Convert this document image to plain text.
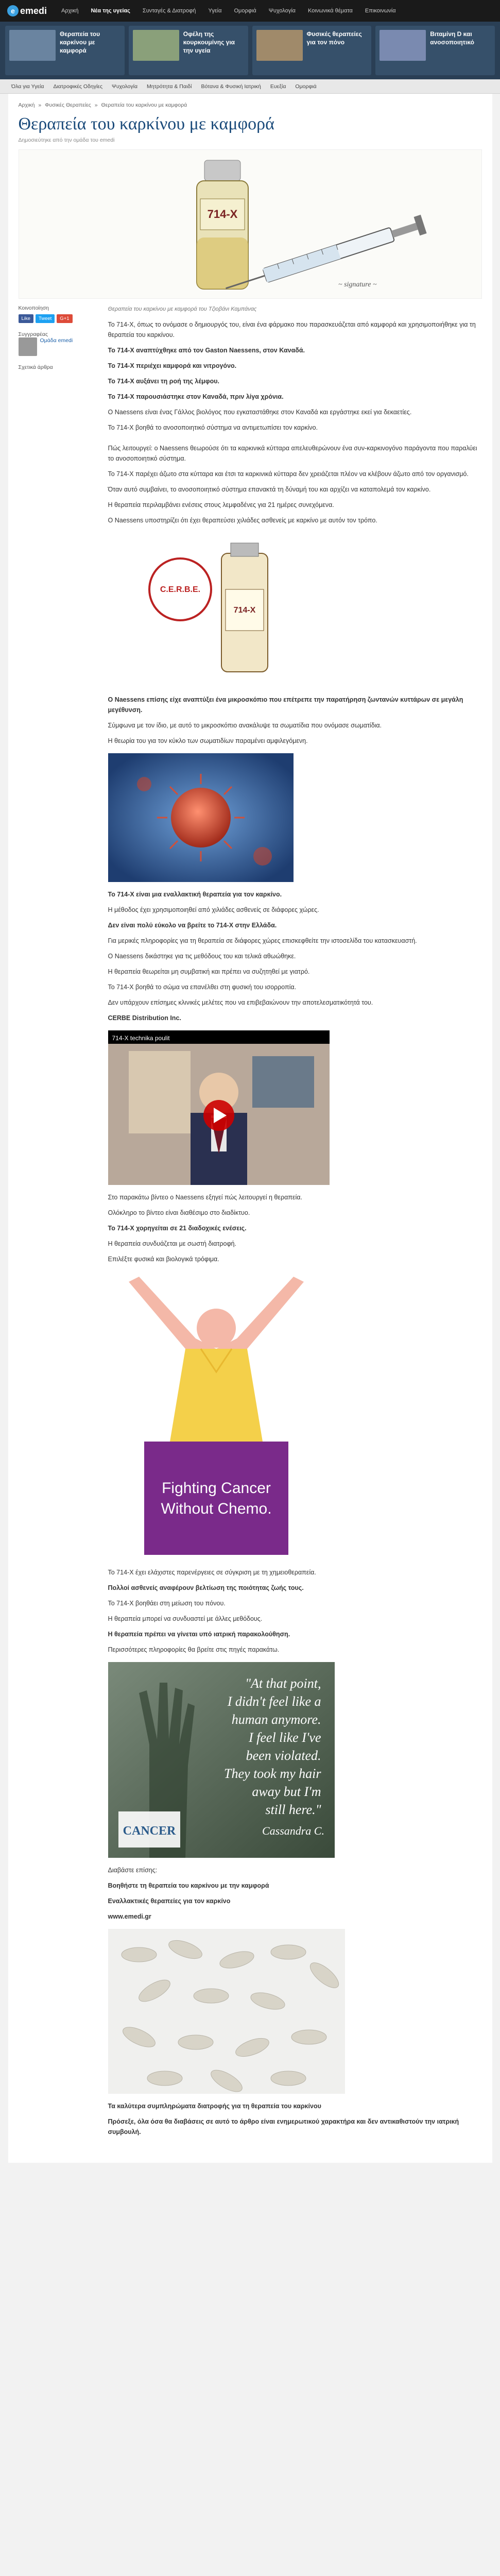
e emedi	Αρχική	Νέα της υγείας	Συνταγές & Διατροφή	Υγεία	Ομορφιά	Ψυχολογία	Κοινωνικά θέματα	Επικοινωνία
Θεραπεία του καρκίνου με καμφορά
Οφέλη της κουρκουμίνης για την υγεία
Φυσικές θεραπείες για τον πόνο
Βιταμίνη D και ανοσοποιητικό
Όλα για Υγεία	Διατροφικές Οδηγίες	Ψυχολογία	Μητρότητα & Παιδί	Βότανα & Φυσική Ιατρική	Ευεξία	Ομορφιά
Αρχική » Φυσικές Θεραπείες » Θεραπεία του καρκίνου με καμφορά
Θεραπεία του καρκίνου με καμφορά
Δημοσιεύτηκε από την ομάδα του emedi
714-X
~ signature ~
Κοινοποίηση
Like	Tweet	G+1
Συγγραφέας
Ομάδα emedi
Σχετικά άρθρα

Θεραπεία του καρκίνου με καμφορά του Τζιοβάνι Καμπάνας

Το 714-Χ, όπως το ονόμασε ο δημιουργός του, είναι ένα φάρμακο που παρασκευάζεται από καμφορά και χρησιμοποιήθηκε για τη θεραπεία του καρκίνου.

Το 714-Χ αναπτύχθηκε από τον Gaston Naessens, στον Καναδά.

Το 714-Χ περιέχει καμφορά και νιτρογόνο.

Το 714-Χ αυξάνει τη ροή της λέμφου.

Το 714-Χ παρουσιάστηκε στον Καναδά, πριν λίγα χρόνια.

Ο Naessens είναι ένας Γάλλος βιολόγος που εγκαταστάθηκε στον Καναδά και εργάστηκε εκεί για δεκαετίες.

Το 714-Χ βοηθά το ανοσοποιητικό σύστημα να αντιμετωπίσει τον καρκίνο.

Πώς λειτουργεί: ο Naessens θεωρούσε ότι τα καρκινικά κύτταρα απελευθερώνουν ένα συν-καρκινογόνο παράγοντα που παραλύει το ανοσοποιητικό σύστημα.

Το 714-Χ παρέχει άζωτο στα κύτταρα και έτσι τα καρκινικά κύτταρα δεν χρειάζεται πλέον να κλέβουν άζωτο από τον οργανισμό.

Όταν αυτό συμβαίνει, το ανοσοποιητικό σύστημα επανακτά τη δύναμή του και αρχίζει να καταπολεμά τον καρκίνο.

Η θεραπεία περιλαμβάνει ενέσεις στους λεμφαδένες για 21 ημέρες συνεχόμενα.

Ο Naessens υποστηρίζει ότι έχει θεραπεύσει χιλιάδες ασθενείς με καρκίνο με αυτόν τον τρόπο.

C.E.R.B.E.
714-X

Ο Naessens επίσης είχε αναπτύξει ένα μικροσκόπιο που επέτρεπε την παρατήρηση ζωντανών κυττάρων σε μεγάλη μεγέθυνση.

Σύμφωνα με τον ίδιο, με αυτό το μικροσκόπιο ανακάλυψε τα σωματίδια που ονόμασε σωματίδια.

Η θεωρία του για τον κύκλο των σωματιδίων παραμένει αμφιλεγόμενη.

Το 714-Χ είναι μια εναλλακτική θεραπεία για τον καρκίνο.

Η μέθοδος έχει χρησιμοποιηθεί από χιλιάδες ασθενείς σε διάφορες χώρες.

Δεν είναι πολύ εύκολο να βρείτε το 714-Χ στην Ελλάδα.

Για μερικές πληροφορίες για τη θεραπεία σε διάφορες χώρες επισκεφθείτε την ιστοσελίδα του κατασκευαστή.

Ο Naessens δικάστηκε για τις μεθόδους του και τελικά αθωώθηκε.

Η θεραπεία θεωρείται μη συμβατική και πρέπει να συζητηθεί με γιατρό.

Το 714-Χ βοηθά το σώμα να επανέλθει στη φυσική του ισορροπία.

Δεν υπάρχουν επίσημες κλινικές μελέτες που να επιβεβαιώνουν την αποτελεσματικότητά του.

CERBE Distribution Inc.

714-X technika poulit

Στο παρακάτω βίντεο ο Naessens εξηγεί πώς λειτουργεί η θεραπεία.

Ολόκληρο το βίντεο είναι διαθέσιμο στο διαδίκτυο.

Το 714-Χ χορηγείται σε 21 διαδοχικές ενέσεις.

Η θεραπεία συνδυάζεται με σωστή διατροφή.

Επιλέξτε φυσικά και βιολογικά τρόφιμα.

Fighting Cancer
Without Chemo.

Το 714-Χ έχει ελάχιστες παρενέργειες σε σύγκριση με τη χημειοθεραπεία.

Πολλοί ασθενείς αναφέρουν βελτίωση της ποιότητας ζωής τους.

Το 714-Χ βοηθάει στη μείωση του πόνου.

Η θεραπεία μπορεί να συνδυαστεί με άλλες μεθόδους.

Η θεραπεία πρέπει να γίνεται υπό ιατρική παρακολούθηση.

Περισσότερες πληροφορίες θα βρείτε στις πηγές παρακάτω.

"At that point, I didn't feel like a human anymore. I feel like I've been violated. They took my hair away but I'm still here." Cassandra C.
CANCER

Διαβάστε επίσης:

Βοηθήστε τη θεραπεία του καρκίνου με την καμφορά

Εναλλακτικές θεραπείες για τον καρκίνο

www.emedi.gr

Τα καλύτερα συμπληρώματα διατροφής για τη θεραπεία του καρκίνου

Πρόσεξε, όλα όσα θα διαβάσεις σε αυτό το άρθρο είναι ενημερωτικού χαρακτήρα και δεν αντικαθιστούν την ιατρική συμβουλή.
